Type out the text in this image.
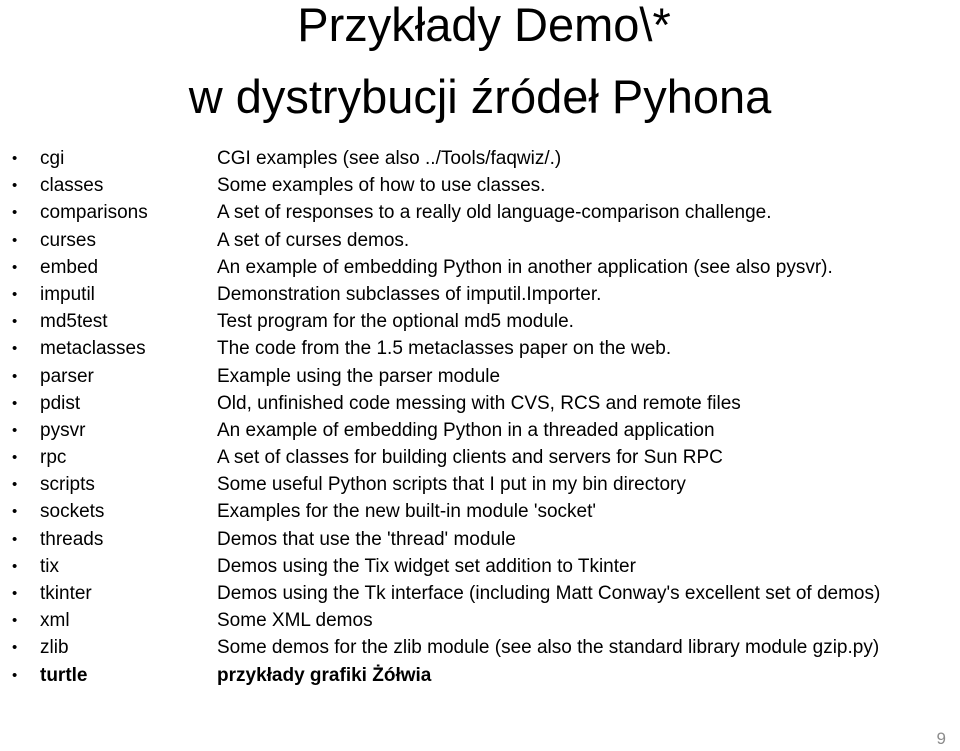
Przykłady Demo\*
w dystrybucji źródeł Pyhona
• cgi	CGI examples (see also ../Tools/faqwiz/.)
• classes	Some examples of how to use classes.
• comparisons	A set of responses to a really old language-comparison challenge.
• curses	A set of curses demos.
• embed	An example of embedding Python in another application (see also pysvr).
• imputil	Demonstration subclasses of imputil.Importer.
• md5test	Test program for the optional md5 module.
• metaclasses	The code from the 1.5 metaclasses paper on the web.
• parser	Example using the parser module
• pdist	Old, unfinished code messing with CVS, RCS and remote files
• pysvr	An example of embedding Python in a threaded application
• rpc	A set of classes for building clients and servers for Sun RPC
• scripts	Some useful Python scripts that I put in my bin directory
• sockets	Examples for the new built-in module 'socket'
• threads	Demos that use the 'thread' module
• tix	Demos using the Tix widget set addition to Tkinter
• tkinter	Demos using the Tk interface (including Matt Conway's excellent set of demos)
• xml	Some XML demos
• zlib	Some demos for the zlib module (see also the standard library module gzip.py)
• turtle	przykłady grafiki Żółwia
9
